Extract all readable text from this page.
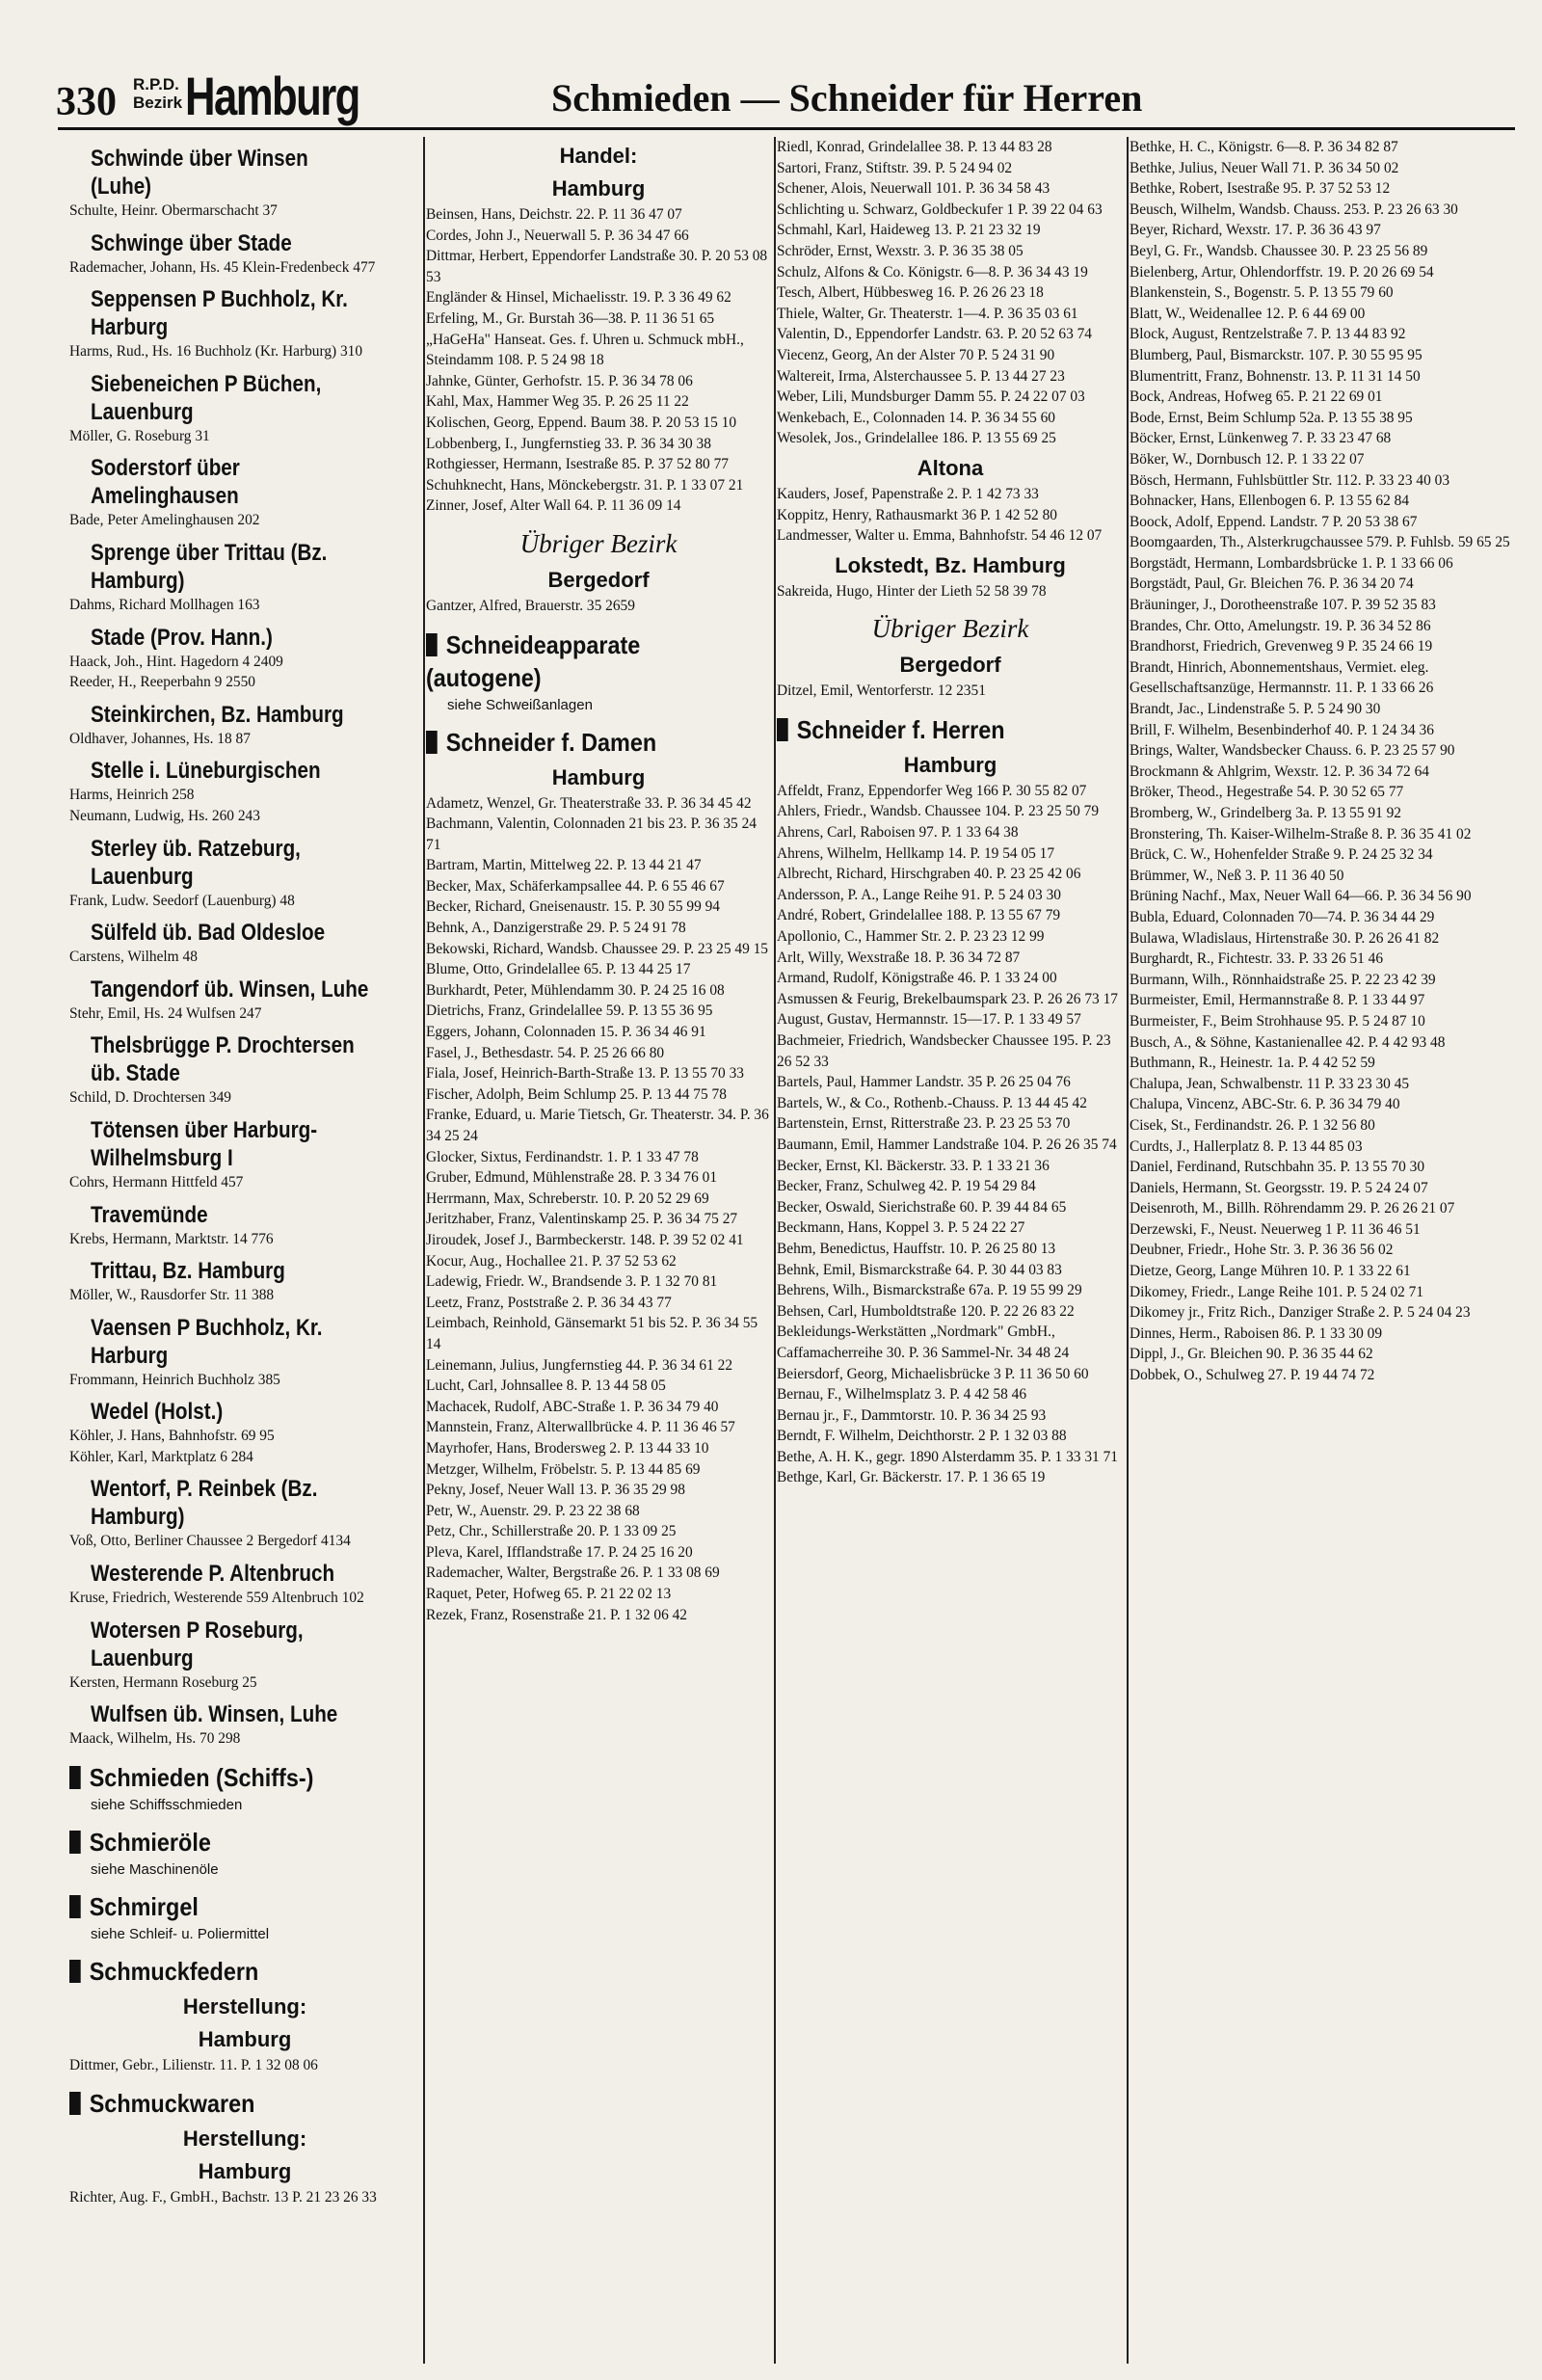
330 R.P.D.
Bezirk Hamburg	Schmieden — Schneider für Herren
Schwinde über Winsen (Luhe)
Schulte, Heinr. Obermarschacht 37
Schwinge über Stade
Rademacher, Johann, Hs. 45 Klein-Fredenbeck 477
Seppensen P Buchholz, Kr. Harburg
Harms, Rud., Hs. 16 Buchholz (Kr. Harburg) 310
Siebeneichen P Büchen, Lauenburg
Möller, G. Roseburg 31
Soderstorf über Amelinghausen
Bade, Peter Amelinghausen 202
Sprenge über Trittau (Bz. Hamburg)
Dahms, Richard Mollhagen 163
Stade (Prov. Hann.)
Haack, Joh., Hint. Hagedorn 4 2409
Reeder, H., Reeperbahn 9 2550
Steinkirchen, Bz. Hamburg
Oldhaver, Johannes, Hs. 18 87
Stelle i. Lüneburgischen
Harms, Heinrich 258
Neumann, Ludwig, Hs. 260 243
Sterley üb. Ratzeburg, Lauenburg
Frank, Ludw. Seedorf (Lauenburg) 48
Sülfeld üb. Bad Oldesloe
Carstens, Wilhelm 48
Tangendorf üb. Winsen, Luhe
Stehr, Emil, Hs. 24 Wulfsen 247
Thelsbrügge P. Drochtersen üb. Stade
Schild, D. Drochtersen 349
Tötensen über Harburg-Wilhelmsburg I
Cohrs, Hermann Hittfeld 457
Travemünde
Krebs, Hermann, Marktstr. 14 776
Trittau, Bz. Hamburg
Möller, W., Rausdorfer Str. 11 388
Vaensen P Buchholz, Kr. Harburg
Frommann, Heinrich Buchholz 385
Wedel (Holst.)
Köhler, J. Hans, Bahnhofstr. 69 95
Köhler, Karl, Marktplatz 6 284
Wentorf, P. Reinbek (Bz. Hamburg)
Voß, Otto, Berliner Chaussee 2 Bergedorf 4134
Westerende P. Altenbruch
Kruse, Friedrich, Westerende 559 Altenbruch 102
Wotersen P Roseburg, Lauenburg
Kersten, Hermann Roseburg 25
Wulfsen üb. Winsen, Luhe
Maack, Wilhelm, Hs. 70 298
Schmieden (Schiffs-)
siehe Schiffsschmieden
Schmieröle
siehe Maschinenöle
Schmirgel
siehe Schleif- u. Poliermittel
Schmuckfedern
Herstellung:
Hamburg
Dittmer, Gebr., Lilienstr. 11. P. 1 32 08 06
Schmuckwaren
Herstellung:
Hamburg
Richter, Aug. F., GmbH., Bachstr. 13 P. 21 23 26 33
Handel:
Hamburg
Beinsen, Hans, Deichstr. 22. P. 11 36 47 07
Cordes, John J., Neuerwall 5. P. 36 34 47 66
Dittmar, Herbert, Eppendorfer Landstraße 30. P. 20 53 08 53
Engländer & Hinsel, Michaelisstr. 19. P. 3 36 49 62
Erfeling, M., Gr. Burstah 36—38. P. 11 36 51 65
„HaGeHa" Hanseat. Ges. f. Uhren u. Schmuck mbH., Steindamm 108. P. 5 24 98 18
Jahnke, Günter, Gerhofstr. 15. P. 36 34 78 06
Kahl, Max, Hammer Weg 35. P. 26 25 11 22
Kolischen, Georg, Eppend. Baum 38. P. 20 53 15 10
Lobbenberg, I., Jungfernstieg 33. P. 36 34 30 38
Rothgiesser, Hermann, Isestraße 85. P. 37 52 80 77
Schuhknecht, Hans, Mönckebergstr. 31. P. 1 33 07 21
Zinner, Josef, Alter Wall 64. P. 11 36 09 14
Übriger Bezirk
Bergedorf
Gantzer, Alfred, Brauerstr. 35 2659
Schneideapparate (autogene)
siehe Schweißanlagen
Schneider f. Damen
Hamburg
Adametz, Wenzel, Gr. Theaterstraße 33. P. 36 34 45 42
Bachmann, Valentin, Colonnaden 21 bis 23. P. 36 35 24 71
Bartram, Martin, Mittelweg 22. P. 13 44 21 47
Becker, Max, Schäferkampsallee 44. P. 6 55 46 67
Becker, Richard, Gneisenaustr. 15. P. 30 55 99 94
Behnk, A., Danzigerstraße 29. P. 5 24 91 78
Bekowski, Richard, Wandsb. Chaussee 29. P. 23 25 49 15
Blume, Otto, Grindelallee 65. P. 13 44 25 17
Burkhardt, Peter, Mühlendamm 30. P. 24 25 16 08
Dietrichs, Franz, Grindelallee 59. P. 13 55 36 95
Eggers, Johann, Colonnaden 15. P. 36 34 46 91
Fasel, J., Bethesdastr. 54. P. 25 26 66 80
Fiala, Josef, Heinrich-Barth-Straße 13. P. 13 55 70 33
Fischer, Adolph, Beim Schlump 25. P. 13 44 75 78
Franke, Eduard, u. Marie Tietsch, Gr. Theaterstr. 34. P. 36 34 25 24
Glocker, Sixtus, Ferdinandstr. 1. P. 1 33 47 78
Gruber, Edmund, Mühlenstraße 28. P. 3 34 76 01
Herrmann, Max, Schreberstr. 10. P. 20 52 29 69
Jeritzhaber, Franz, Valentinskamp 25. P. 36 34 75 27
Jiroudek, Josef J., Barmbeckerstr. 148. P. 39 52 02 41
Kocur, Aug., Hochallee 21. P. 37 52 53 62
Ladewig, Friedr. W., Brandsende 3. P. 1 32 70 81
Leetz, Franz, Poststraße 2. P. 36 34 43 77
Leimbach, Reinhold, Gänsemarkt 51 bis 52. P. 36 34 55 14
Leinemann, Julius, Jungfernstieg 44. P. 36 34 61 22
Lucht, Carl, Johnsallee 8. P. 13 44 58 05
Machacek, Rudolf, ABC-Straße 1. P. 36 34 79 40
Mannstein, Franz, Alterwallbrücke 4. P. 11 36 46 57
Mayrhofer, Hans, Brodersweg 2. P. 13 44 33 10
Metzger, Wilhelm, Fröbelstr. 5. P. 13 44 85 69
Pekny, Josef, Neuer Wall 13. P. 36 35 29 98
Petr, W., Auenstr. 29. P. 23 22 38 68
Petz, Chr., Schillerstraße 20. P. 1 33 09 25
Pleva, Karel, Ifflandstraße 17. P. 24 25 16 20
Rademacher, Walter, Bergstraße 26. P. 1 33 08 69
Raquet, Peter, Hofweg 65. P. 21 22 02 13
Rezek, Franz, Rosenstraße 21. P. 1 32 06 42
Riedl, Konrad, Grindelallee 38. P. 13 44 83 28
Sartori, Franz, Stiftstr. 39. P. 5 24 94 02
Schener, Alois, Neuerwall 101. P. 36 34 58 43
Schlichting u. Schwarz, Goldbeckufer 1 P. 39 22 04 63
Schmahl, Karl, Haideweg 13. P. 21 23 32 19
Schröder, Ernst, Wexstr. 3. P. 36 35 38 05
Schulz, Alfons & Co. Königstr. 6—8. P. 36 34 43 19
Tesch, Albert, Hübbesweg 16. P. 26 26 23 18
Thiele, Walter, Gr. Theaterstr. 1—4. P. 36 35 03 61
Valentin, D., Eppendorfer Landstr. 63. P. 20 52 63 74
Viecenz, Georg, An der Alster 70 P. 5 24 31 90
Waltereit, Irma, Alsterchaussee 5. P. 13 44 27 23
Weber, Lili, Mundsburger Damm 55. P. 24 22 07 03
Wenkebach, E., Colonnaden 14. P. 36 34 55 60
Wesolek, Jos., Grindelallee 186. P. 13 55 69 25
Altona
Kauders, Josef, Papenstraße 2. P. 1 42 73 33
Koppitz, Henry, Rathausmarkt 36 P. 1 42 52 80
Landmesser, Walter u. Emma, Bahnhofstr. 54 46 12 07
Lokstedt, Bz. Hamburg
Sakreida, Hugo, Hinter der Lieth 52 58 39 78
Übriger Bezirk
Bergedorf
Ditzel, Emil, Wentorferstr. 12 2351
Schneider f. Herren
Hamburg
Affeldt, Franz, Eppendorfer Weg 166 P. 30 55 82 07
Ahlers, Friedr., Wandsb. Chaussee 104. P. 23 25 50 79
Ahrens, Carl, Raboisen 97. P. 1 33 64 38
Ahrens, Wilhelm, Hellkamp 14. P. 19 54 05 17
Albrecht, Richard, Hirschgraben 40. P. 23 25 42 06
Andersson, P. A., Lange Reihe 91. P. 5 24 03 30
André, Robert, Grindelallee 188. P. 13 55 67 79
Apollonio, C., Hammer Str. 2. P. 23 23 12 99
Arlt, Willy, Wexstraße 18. P. 36 34 72 87
Armand, Rudolf, Königstraße 46. P. 1 33 24 00
Asmussen & Feurig, Brekelbaumspark 23. P. 26 26 73 17
August, Gustav, Hermannstr. 15—17. P. 1 33 49 57
Bachmeier, Friedrich, Wandsbecker Chaussee 195. P. 23 26 52 33
Bartels, Paul, Hammer Landstr. 35 P. 26 25 04 76
Bartels, W., & Co., Rothenb.-Chauss. P. 13 44 45 42
Bartenstein, Ernst, Ritterstraße 23. P. 23 25 53 70
Baumann, Emil, Hammer Landstraße 104. P. 26 26 35 74
Becker, Ernst, Kl. Bäckerstr. 33. P. 1 33 21 36
Becker, Franz, Schulweg 42. P. 19 54 29 84
Becker, Oswald, Sierichstraße 60. P. 39 44 84 65
Beckmann, Hans, Koppel 3. P. 5 24 22 27
Behm, Benedictus, Hauffstr. 10. P. 26 25 80 13
Behnk, Emil, Bismarckstraße 64. P. 30 44 03 83
Behrens, Wilh., Bismarckstraße 67a. P. 19 55 99 29
Behsen, Carl, Humboldtstraße 120. P. 22 26 83 22
Bekleidungs-Werkstätten „Nordmark" GmbH., Caffamacherreihe 30. P. 36 Sammel-Nr. 34 48 24
Beiersdorf, Georg, Michaelisbrücke 3 P. 11 36 50 60
Bernau, F., Wilhelmsplatz 3. P. 4 42 58 46
Bernau jr., F., Dammtorstr. 10. P. 36 34 25 93
Berndt, F. Wilhelm, Deichthorstr. 2 P. 1 32 03 88
Bethe, A. H. K., gegr. 1890 Alsterdamm 35. P. 1 33 31 71
Bethge, Karl, Gr. Bäckerstr. 17. P. 1 36 65 19
Bethke, H. C., Königstr. 6—8. P. 36 34 82 87
Bethke, Julius, Neuer Wall 71. P. 36 34 50 02
Bethke, Robert, Isestraße 95. P. 37 52 53 12
Beusch, Wilhelm, Wandsb. Chauss. 253. P. 23 26 63 30
Beyer, Richard, Wexstr. 17. P. 36 36 43 97
Beyl, G. Fr., Wandsb. Chaussee 30. P. 23 25 56 89
Bielenberg, Artur, Ohlendorffstr. 19. P. 20 26 69 54
Blankenstein, S., Bogenstr. 5. P. 13 55 79 60
Blatt, W., Weidenallee 12. P. 6 44 69 00
Block, August, Rentzelstraße 7. P. 13 44 83 92
Blumberg, Paul, Bismarckstr. 107. P. 30 55 95 95
Blumentritt, Franz, Bohnenstr. 13. P. 11 31 14 50
Bock, Andreas, Hofweg 65. P. 21 22 69 01
Bode, Ernst, Beim Schlump 52a. P. 13 55 38 95
Böcker, Ernst, Lünkenweg 7. P. 33 23 47 68
Böker, W., Dornbusch 12. P. 1 33 22 07
Bösch, Hermann, Fuhlsbüttler Str. 112. P. 33 23 40 03
Bohnacker, Hans, Ellenbogen 6. P. 13 55 62 84
Boock, Adolf, Eppend. Landstr. 7 P. 20 53 38 67
Boomgaarden, Th., Alsterkrugchaussee 579. P. Fuhlsb. 59 65 25
Borgstädt, Hermann, Lombardsbrücke 1. P. 1 33 66 06
Borgstädt, Paul, Gr. Bleichen 76. P. 36 34 20 74
Bräuninger, J., Dorotheenstraße 107. P. 39 52 35 83
Brandes, Chr. Otto, Amelungstr. 19. P. 36 34 52 86
Brandhorst, Friedrich, Grevenweg 9 P. 35 24 66 19
Brandt, Hinrich, Abonnementshaus, Vermiet. eleg. Gesellschaftsanzüge, Hermannstr. 11. P. 1 33 66 26
Brandt, Jac., Lindenstraße 5. P. 5 24 90 30
Brill, F. Wilhelm, Besenbinderhof 40. P. 1 24 34 36
Brings, Walter, Wandsbecker Chauss. 6. P. 23 25 57 90
Brockmann & Ahlgrim, Wexstr. 12. P. 36 34 72 64
Bröker, Theod., Hegestraße 54. P. 30 52 65 77
Bromberg, W., Grindelberg 3a. P. 13 55 91 92
Bronstering, Th. Kaiser-Wilhelm-Straße 8. P. 36 35 41 02
Brück, C. W., Hohenfelder Straße 9. P. 24 25 32 34
Brümmer, W., Neß 3. P. 11 36 40 50
Brüning Nachf., Max, Neuer Wall 64—66. P. 36 34 56 90
Bubla, Eduard, Colonnaden 70—74. P. 36 34 44 29
Bulawa, Wladislaus, Hirtenstraße 30. P. 26 26 41 82
Burghardt, R., Fichtestr. 33. P. 33 26 51 46
Burmann, Wilh., Rönnhaidstraße 25. P. 22 23 42 39
Burmeister, Emil, Hermannstraße 8. P. 1 33 44 97
Burmeister, F., Beim Strohhause 95. P. 5 24 87 10
Busch, A., & Söhne, Kastanienallee 42. P. 4 42 93 48
Buthmann, R., Heinestr. 1a. P. 4 42 52 59
Chalupa, Jean, Schwalbenstr. 11 P. 33 23 30 45
Chalupa, Vincenz, ABC-Str. 6. P. 36 34 79 40
Cisek, St., Ferdinandstr. 26. P. 1 32 56 80
Curdts, J., Hallerplatz 8. P. 13 44 85 03
Daniel, Ferdinand, Rutschbahn 35. P. 13 55 70 30
Daniels, Hermann, St. Georgsstr. 19. P. 5 24 24 07
Deisenroth, M., Billh. Röhrendamm 29. P. 26 26 21 07
Derzewski, F., Neust. Neuerweg 1 P. 11 36 46 51
Deubner, Friedr., Hohe Str. 3. P. 36 36 56 02
Dietze, Georg, Lange Mühren 10. P. 1 33 22 61
Dikomey, Friedr., Lange Reihe 101. P. 5 24 02 71
Dikomey jr., Fritz Rich., Danziger Straße 2. P. 5 24 04 23
Dinnes, Herm., Raboisen 86. P. 1 33 30 09
Dippl, J., Gr. Bleichen 90. P. 36 35 44 62
Dobbek, O., Schulweg 27. P. 19 44 74 72
